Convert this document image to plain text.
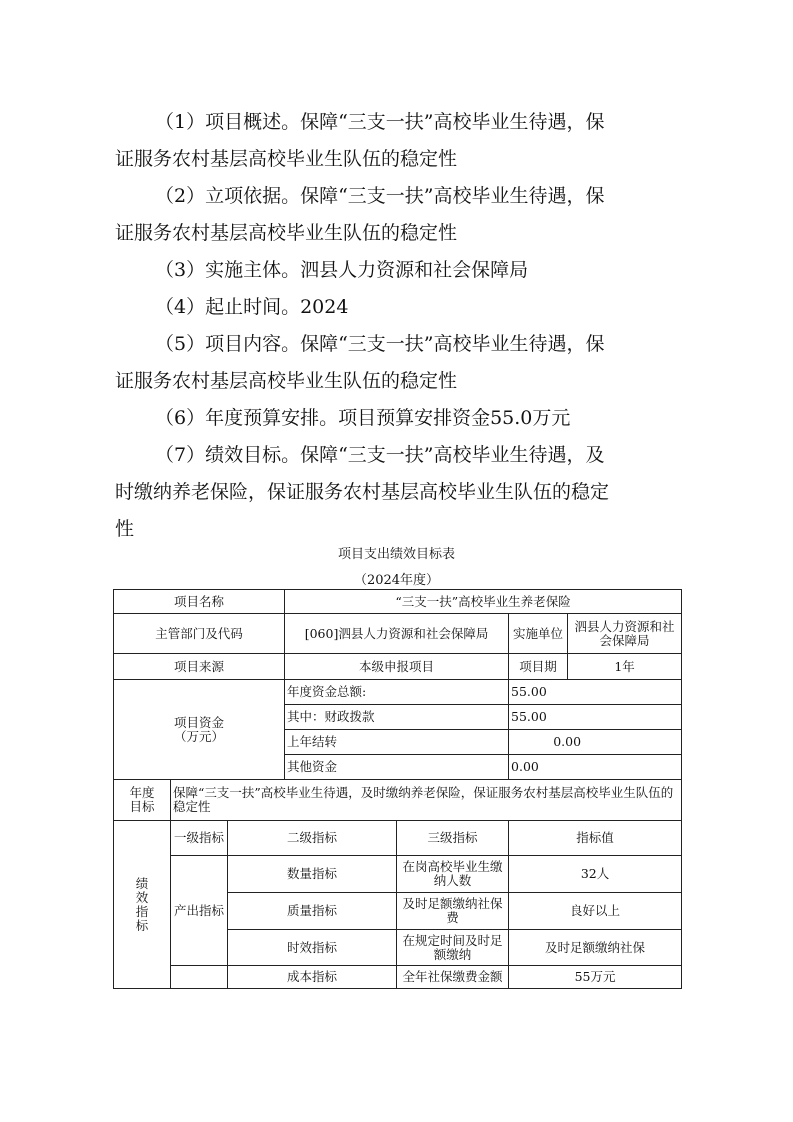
（1）项目概述。保障“三支一扶”高校毕业生待遇，保

证服务农村基层高校毕业生队伍的稳定性

（2）立项依据。保障“三支一扶”高校毕业生待遇，保

证服务农村基层高校毕业生队伍的稳定性

（3）实施主体。泗县人力资源和社会保障局

（4）起止时间。2024

（5）项目内容。保障“三支一扶”高校毕业生待遇，保

证服务农村基层高校毕业生队伍的稳定性

（6）年度预算安排。项目预算安排资金55.0万元

（7）绩效目标。保障“三支一扶”高校毕业生待遇，及

时缴纳养老保险，保证服务农村基层高校毕业生队伍的稳定

性

项目支出绩效目标表
（2024年度）
项目名称			“三支一扶”高校毕业生养老保险			
主管部门及代码			[060]泗县人力资源和社会保障局		实施单位	泗县人力资源和社会保障局
项目来源			本级申报项目		项目期	1年

项目资金
（万元）			年度资金总额:		55.00	
			其中：财政拨款		55.00	
			上年结转		0.00	
			其他资金		0.00	

年度
目标	保障“三支一扶”高校毕业生待遇，及时缴纳养老保险，保证服务农村基层高校毕业生队伍的稳定性					

绩
效
指
标	一级指标	二级指标		三级指标	指标值	
	产出指标	数量指标		在岗高校毕业生缴纳人数	32人	
		质量指标		及时足额缴纳社保费	良好以上	
		时效指标		在规定时间及时足额缴纳	及时足额缴纳社保	
		成本指标		全年社保缴费金额	55万元	
